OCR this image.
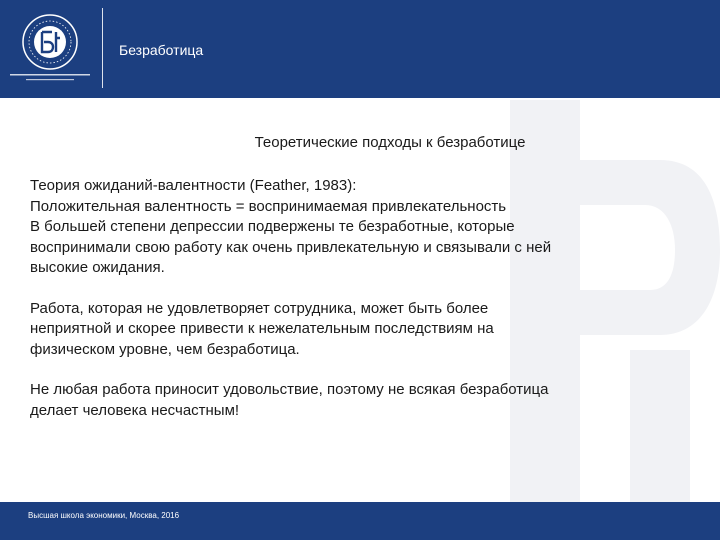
Безработица
Теоретические подходы к безработице
Теория ожиданий-валентности (Feather, 1983):
Положительная валентность = воспринимаемая привлекательность
В большей степени депрессии подвержены те безработные, которые
воспринимали свою работу как очень привлекательную и связывали с ней
высокие ожидания.
Работа, которая не удовлетворяет сотрудника, может быть более
неприятной и скорее привести к нежелательным последствиям на
физическом уровне, чем безработица.
Не любая работа приносит удовольствие, поэтому не всякая безработица
делает человека несчастным!
Высшая школа экономики, Москва, 2016
